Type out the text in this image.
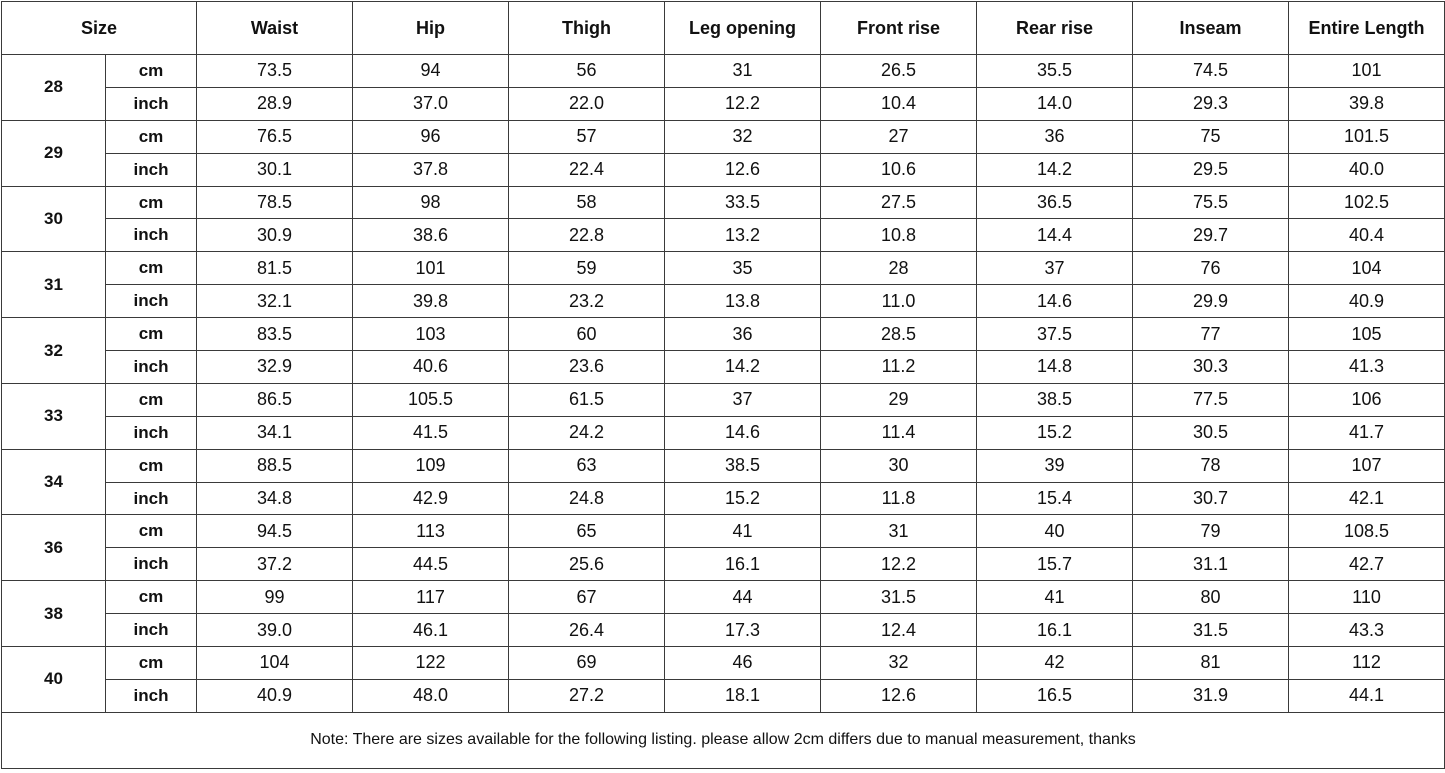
Size		Waist	Hip	Thigh	Leg opening	Front rise	Rear rise	Inseam	Entire Length
28	cm	73.5	94	56	31	26.5	35.5	74.5	101
	inch	28.9	37.0	22.0	12.2	10.4	14.0	29.3	39.8
29	cm	76.5	96	57	32	27	36	75	101.5
	inch	30.1	37.8	22.4	12.6	10.6	14.2	29.5	40.0
30	cm	78.5	98	58	33.5	27.5	36.5	75.5	102.5
	inch	30.9	38.6	22.8	13.2	10.8	14.4	29.7	40.4
31	cm	81.5	101	59	35	28	37	76	104
	inch	32.1	39.8	23.2	13.8	11.0	14.6	29.9	40.9
32	cm	83.5	103	60	36	28.5	37.5	77	105
	inch	32.9	40.6	23.6	14.2	11.2	14.8	30.3	41.3
33	cm	86.5	105.5	61.5	37	29	38.5	77.5	106
	inch	34.1	41.5	24.2	14.6	11.4	15.2	30.5	41.7
34	cm	88.5	109	63	38.5	30	39	78	107
	inch	34.8	42.9	24.8	15.2	11.8	15.4	30.7	42.1
36	cm	94.5	113	65	41	31	40	79	108.5
	inch	37.2	44.5	25.6	16.1	12.2	15.7	31.1	42.7
38	cm	99	117	67	44	31.5	41	80	110
	inch	39.0	46.1	26.4	17.3	12.4	16.1	31.5	43.3
40	cm	104	122	69	46	32	42	81	112
	inch	40.9	48.0	27.2	18.1	12.6	16.5	31.9	44.1
Note: There are sizes available for the following listing. please allow 2cm differs due to manual measurement, thanks									
